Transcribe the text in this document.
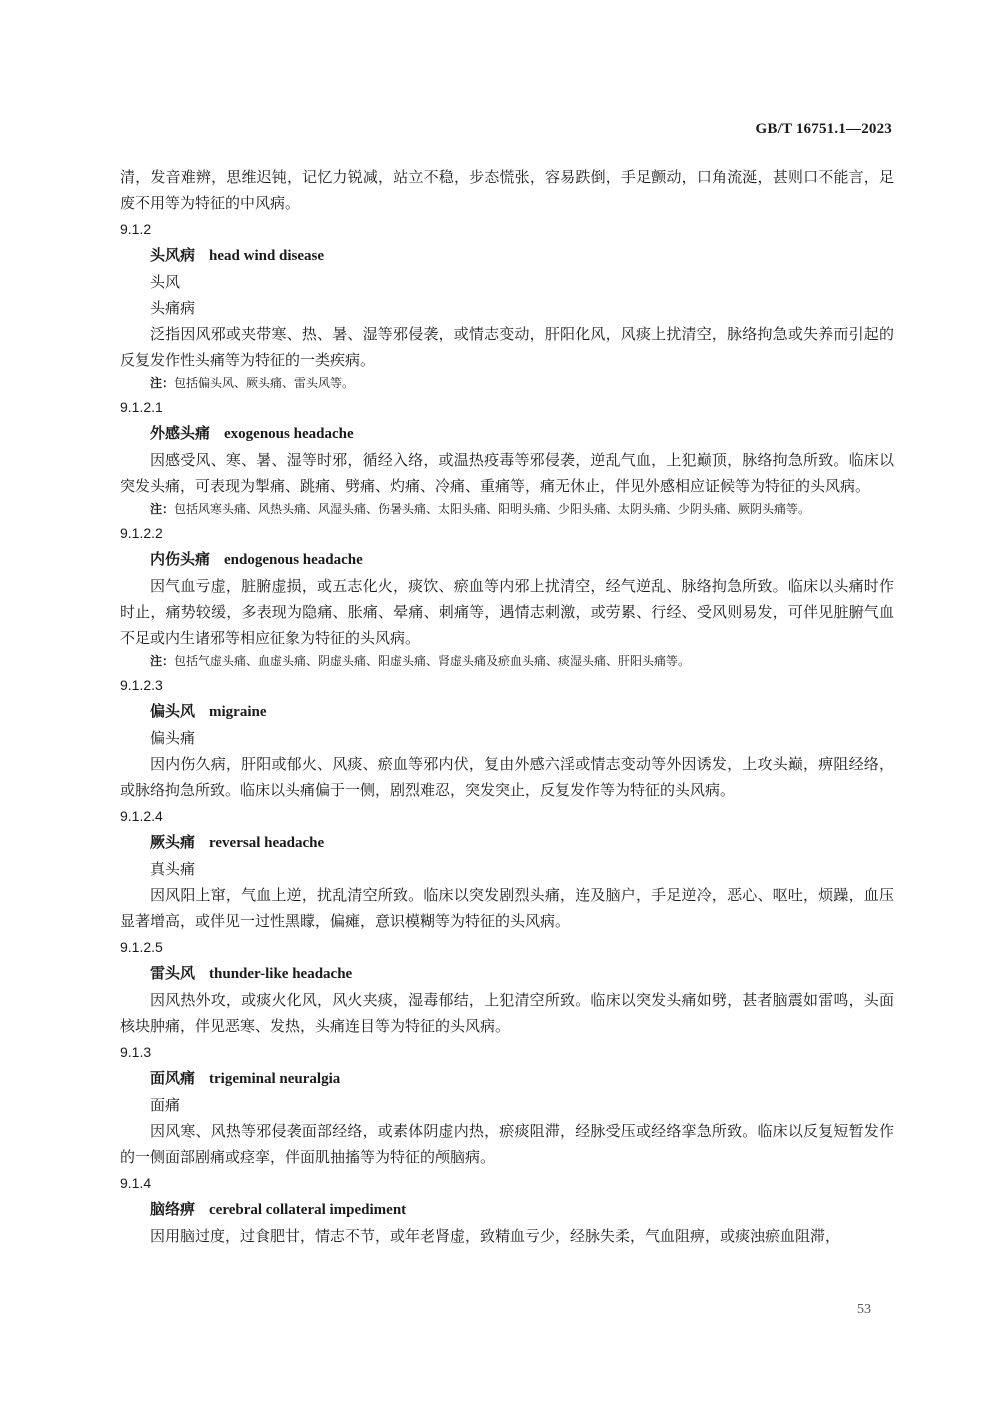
GB/T 16751.1—2023

清，发音难辨，思维迟钝，记忆力锐减，站立不稳，步态慌张，容易跌倒，手足颤动，口角流涎，甚则口不能言，足废不用等为特征的中风病。

9.1.2
头风病 head wind disease
头风
头痛病

泛指因风邪或夹带寒、热、暑、湿等邪侵袭，或情志变动，肝阳化风，风痰上扰清空，脉络拘急或失养而引起的反复发作性头痛等为特征的一类疾病。

注： 包括偏头风、厥头痛、雷头风等。
9.1.2.1
外感头痛 exogenous headache

因感受风、寒、暑、湿等时邪，循经入络，或温热疫毒等邪侵袭，逆乱气血，上犯巅顶，脉络拘急所致。临床以突发头痛，可表现为掣痛、跳痛、劈痛、灼痛、冷痛、重痛等，痛无休止，伴见外感相应证候等为特征的头风病。

注： 包括风寒头痛、风热头痛、风湿头痛、伤暑头痛、太阳头痛、阳明头痛、少阳头痛、太阴头痛、少阴头痛、厥阴头痛等。
9.1.2.2
内伤头痛 endogenous headache

因气血亏虚，脏腑虚损，或五志化火，痰饮、瘀血等内邪上扰清空，经气逆乱、脉络拘急所致。临床以头痛时作时止，痛势较缓，多表现为隐痛、胀痛、晕痛、刺痛等，遇情志刺激，或劳累、行经、受风则易发，可伴见脏腑气血不足或内生诸邪等相应征象为特征的头风病。

注： 包括气虚头痛、血虚头痛、阴虚头痛、阳虚头痛、肾虚头痛及瘀血头痛、痰湿头痛、肝阳头痛等。
9.1.2.3
偏头风 migraine
偏头痛

因内伤久病，肝阳或郁火、风痰、瘀血等邪内伏，复由外感六淫或情志变动等外因诱发，上攻头巅，痹阻经络，或脉络拘急所致。临床以头痛偏于一侧，剧烈难忍，突发突止，反复发作等为特征的头风病。

9.1.2.4
厥头痛 reversal headache
真头痛

因风阳上窜，气血上逆，扰乱清空所致。临床以突发剧烈头痛，连及脑户，手足逆冷，恶心、呕吐，烦躁，血压显著增高，或伴见一过性黑矇，偏瘫，意识模糊等为特征的头风病。

9.1.2.5
雷头风 thunder-like headache

因风热外攻，或痰火化风，风火夹痰，湿毒郁结，上犯清空所致。临床以突发头痛如劈，甚者脑震如雷鸣，头面核块肿痛，伴见恶寒、发热，头痛连目等为特征的头风病。

9.1.3
面风痛 trigeminal neuralgia
面痛

因风寒、风热等邪侵袭面部经络，或素体阴虚内热，瘀痰阻滞，经脉受压或经络挛急所致。临床以反复短暂发作的一侧面部剧痛或痉挛，伴面肌抽搐等为特征的颅脑病。

9.1.4
脑络痹 cerebral collateral impediment

因用脑过度，过食肥甘，情志不节，或年老肾虚，致精血亏少，经脉失柔，气血阻痹，或痰浊瘀血阻滞，

53
